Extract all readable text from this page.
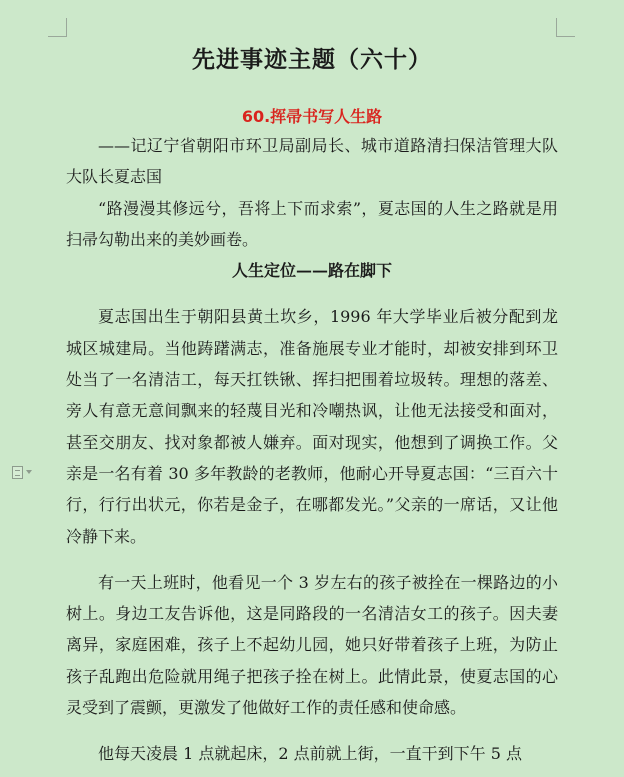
先进事迹主题（六十）
60.挥帚书写人生路

——记辽宁省朝阳市环卫局副局长、城市道路清扫保洁管理大队大队长夏志国

“路漫漫其修远兮，吾将上下而求索”，夏志国的人生之路就是用扫帚勾勒出来的美妙画卷。

人生定位——路在脚下

夏志国出生于朝阳县黄土坎乡，1996 年大学毕业后被分配到龙城区城建局。当他踌躇满志，准备施展专业才能时，却被安排到环卫处当了一名清洁工，每天扛铁锹、挥扫把围着垃圾转。理想的落差、旁人有意无意间飘来的轻蔑目光和冷嘲热讽，让他无法接受和面对，甚至交朋友、找对象都被人嫌弃。面对现实，他想到了调换工作。父亲是一名有着 30 多年教龄的老教师，他耐心开导夏志国：“三百六十行，行行出状元，你若是金子，在哪都发光。”父亲的一席话，又让他冷静下来。

有一天上班时，他看见一个 3 岁左右的孩子被拴在一棵路边的小树上。身边工友告诉他，这是同路段的一名清洁女工的孩子。因夫妻离异，家庭困难，孩子上不起幼儿园，她只好带着孩子上班，为防止孩子乱跑出危险就用绳子把孩子拴在树上。此情此景，使夏志国的心灵受到了震颤，更激发了他做好工作的责任感和使命感。

他每天凌晨 1 点就起床，2 点前就上街，一直干到下午 5 点
